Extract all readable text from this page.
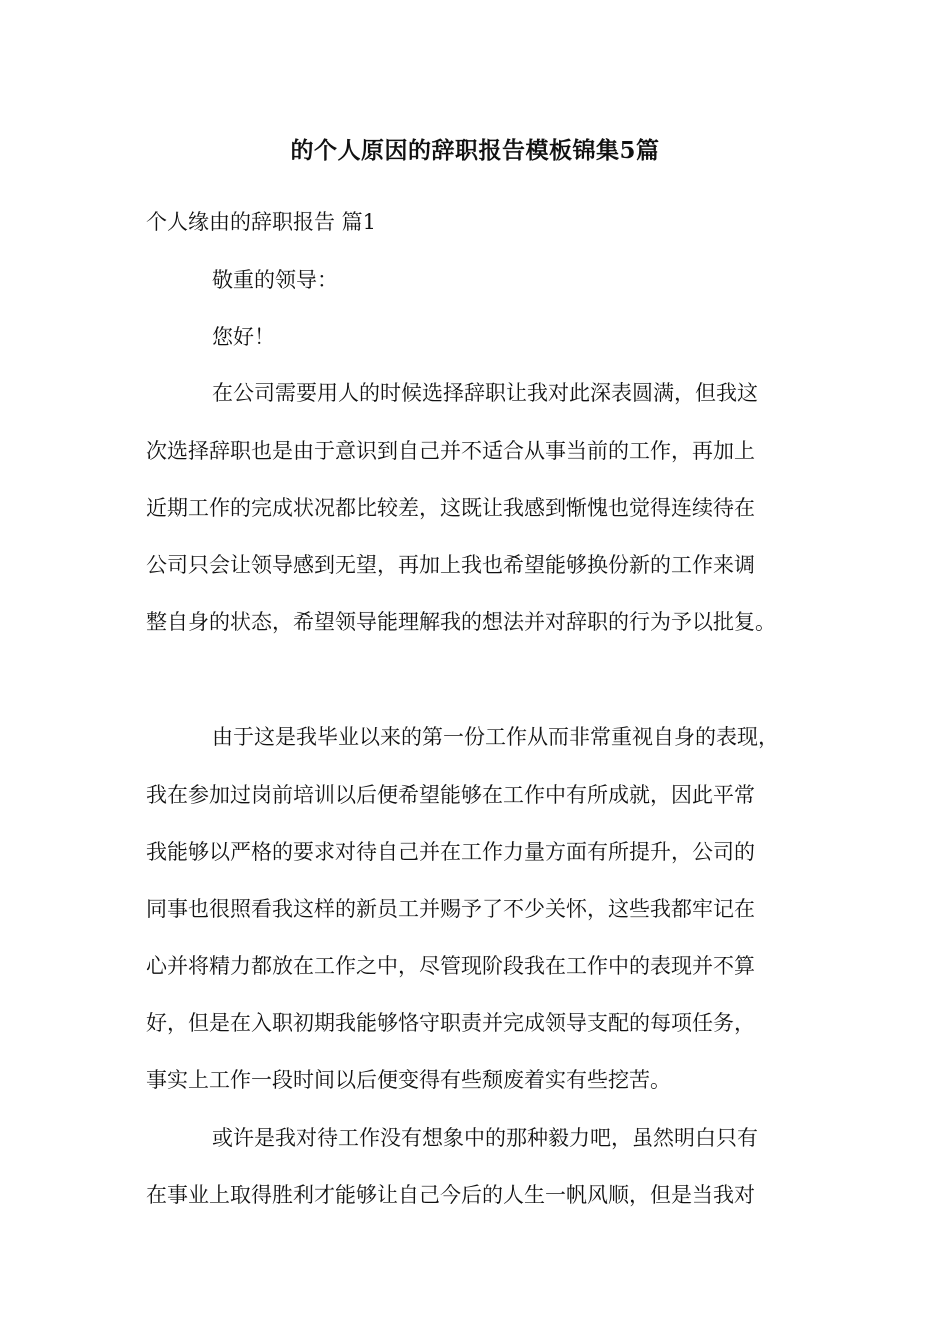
的个人原因的辞职报告模板锦集5篇
个人缘由的辞职报告 篇1
敬重的领导：
您好！
在公司需要用人的时候选择辞职让我对此深表圆满，但我这
次选择辞职也是由于意识到自己并不适合从事当前的工作，再加上
近期工作的完成状况都比较差，这既让我感到惭愧也觉得连续待在
公司只会让领导感到无望，再加上我也希望能够换份新的工作来调
整自身的状态，希望领导能理解我的想法并对辞职的行为予以批复。
由于这是我毕业以来的第一份工作从而非常重视自身的表现，
我在参加过岗前培训以后便希望能够在工作中有所成就，因此平常
我能够以严格的要求对待自己并在工作力量方面有所提升，公司的
同事也很照看我这样的新员工并赐予了不少关怀，这些我都牢记在
心并将精力都放在工作之中，尽管现阶段我在工作中的表现并不算
好，但是在入职初期我能够恪守职责并完成领导支配的每项任务，
事实上工作一段时间以后便变得有些颓废着实有些挖苦。
或许是我对待工作没有想象中的那种毅力吧，虽然明白只有
在事业上取得胜利才能够让自己今后的人生一帆风顺，但是当我对
